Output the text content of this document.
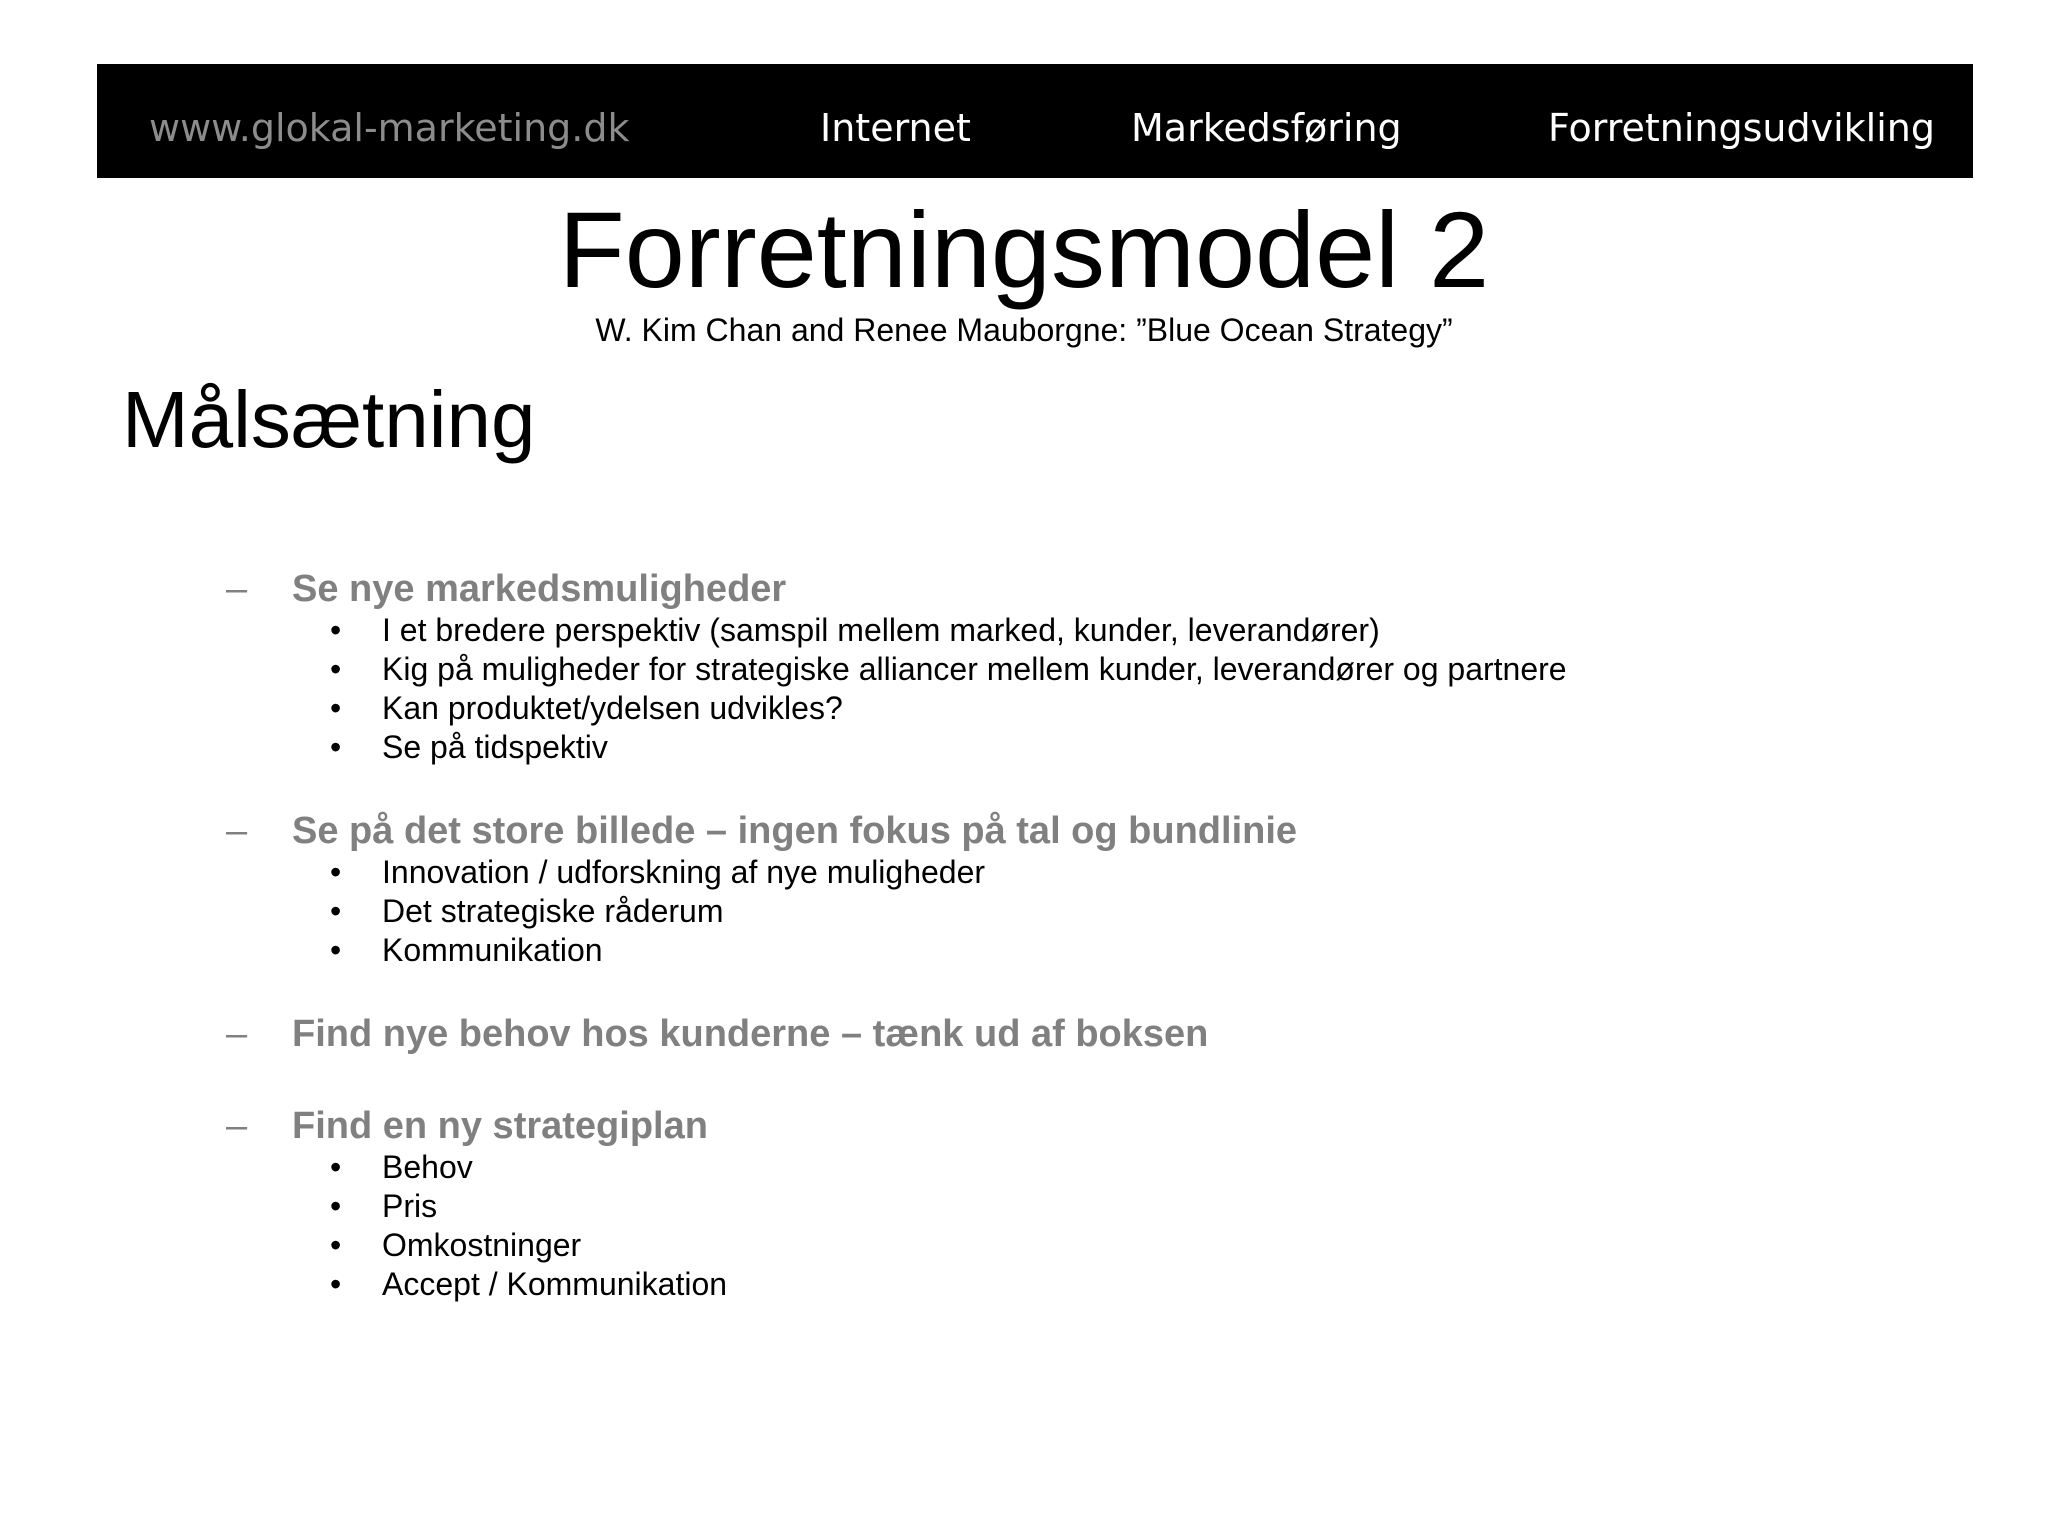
www.glokal-marketing.dk	Internet	Markedsføring	Forretningsudvikling
Forretningsmodel 2
W. Kim Chan and Renee Mauborgne: ”Blue Ocean Strategy”
Målsætning
– Se nye markedsmuligheder
• I et bredere perspektiv (samspil mellem marked, kunder, leverandører)
• Kig på muligheder for strategiske alliancer mellem kunder, leverandører og partnere
• Kan produktet/ydelsen udvikles?
• Se på tidspektiv
– Se på det store billede – ingen fokus på tal og bundlinie
• Innovation / udforskning af nye muligheder
• Det strategiske råderum
• Kommunikation
– Find nye behov hos kunderne – tænk ud af boksen
– Find en ny strategiplan
• Behov
• Pris
• Omkostninger
• Accept / Kommunikation
